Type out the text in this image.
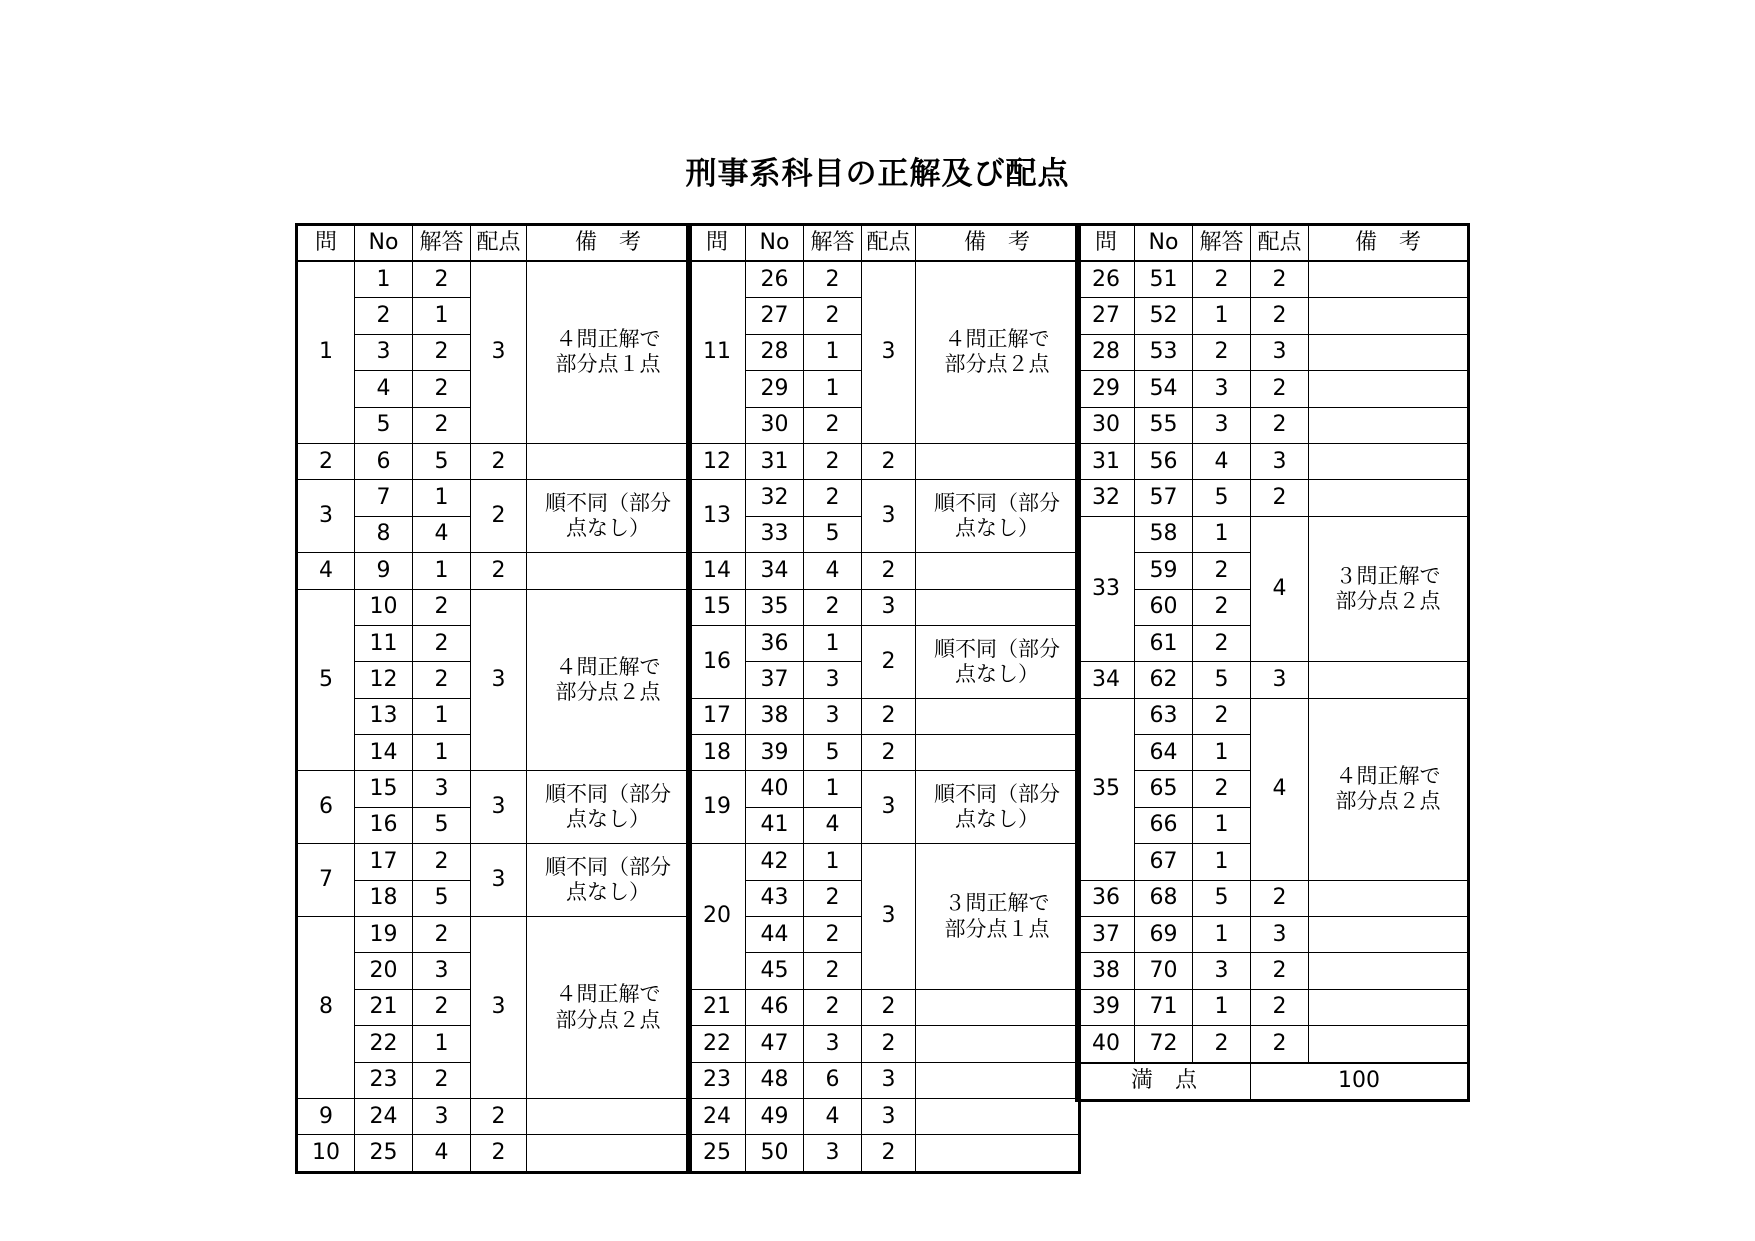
刑事系科目の正解及び配点
問	No	解答	配点	備　考
1	1	2	3	４問正解で
部分点１点

	2	1		
	3	2		
	4	2		
	5	2		
2	6	5	2	
3	7	1	2	順不同（部分
点なし）

	8	4		
4	9	1	2	
5	10	2	3	４問正解で
部分点２点

	11	2		
	12	2		
	13	1		
	14	1		
6	15	3	3	順不同（部分
点なし）

	16	5		
7	17	2	3	順不同（部分
点なし）

	18	5		
8	19	2	3	４問正解で
部分点２点

	20	3		
	21	2		
	22	1		
	23	2		
9	24	3	2	
10	25	4	2	
問	No	解答	配点	備　考
11	26	2	3	４問正解で
部分点２点

	27	2		
	28	1		
	29	1		
	30	2		
12	31	2	2	
13	32	2	3	順不同（部分
点なし）

	33	5		
14	34	4	2	
15	35	2	3	
16	36	1	2	順不同（部分
点なし）

	37	3		
17	38	3	2	
18	39	5	2	
19	40	1	3	順不同（部分
点なし）

	41	4		
20	42	1	3	３問正解で
部分点１点

	43	2		
	44	2		
	45	2		
21	46	2	2	
22	47	3	2	
23	48	6	3	
24	49	4	3	
25	50	3	2	
問	No	解答	配点	備　考
26	51	2	2	
27	52	1	2	
28	53	2	3	
29	54	3	2	
30	55	3	2	
31	56	4	3	
32	57	5	2	
33	58	1	4	３問正解で
部分点２点

	59	2		
	60	2		
	61	2		
34	62	5	3	
35	63	2	4	４問正解で
部分点２点

	64	1		
	65	2		
	66	1		
	67	1		
36	68	5	2	
37	69	1	3	
38	70	3	2	
39	71	1	2	
40	72	2	2	
満　点			100	
